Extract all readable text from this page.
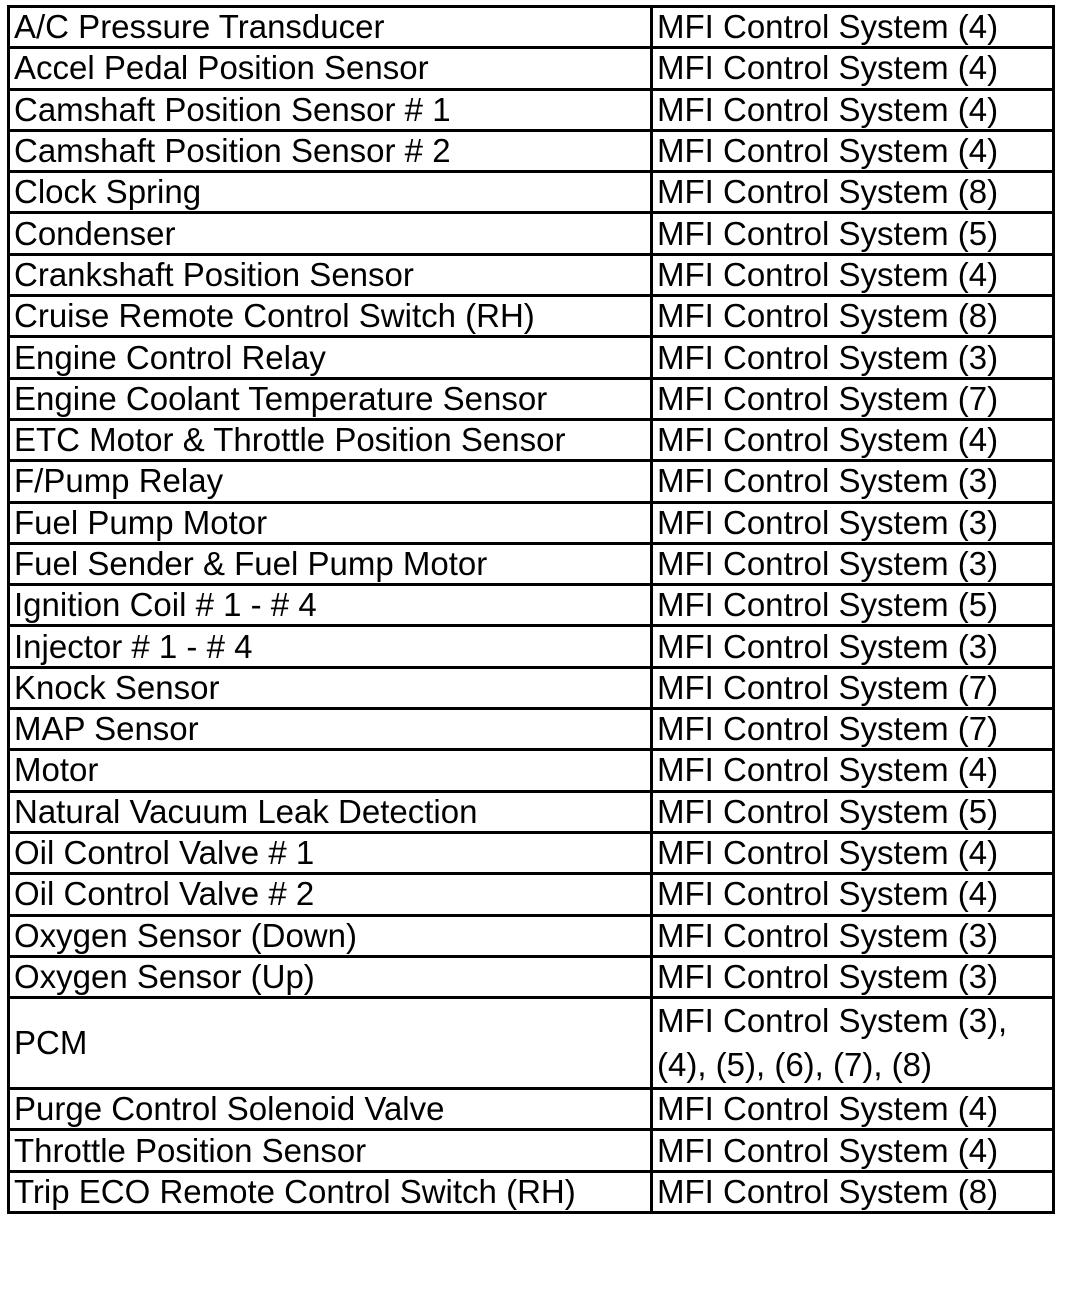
A/C Pressure Transducer	MFI Control System (4)
Accel Pedal Position Sensor	MFI Control System (4)
Camshaft Position Sensor # 1	MFI Control System (4)
Camshaft Position Sensor # 2	MFI Control System (4)
Clock Spring	MFI Control System (8)
Condenser	MFI Control System (5)
Crankshaft Position Sensor	MFI Control System (4)
Cruise Remote Control Switch (RH)	MFI Control System (8)
Engine Control Relay	MFI Control System (3)
Engine Coolant Temperature Sensor	MFI Control System (7)
ETC Motor & Throttle Position Sensor	MFI Control System (4)
F/Pump Relay	MFI Control System (3)
Fuel Pump Motor	MFI Control System (3)
Fuel Sender & Fuel Pump Motor	MFI Control System (3)
Ignition Coil # 1 - # 4	MFI Control System (5)
Injector # 1 - # 4	MFI Control System (3)
Knock Sensor	MFI Control System (7)
MAP Sensor	MFI Control System (7)
Motor	MFI Control System (4)
Natural Vacuum Leak Detection	MFI Control System (5)
Oil Control Valve # 1	MFI Control System (4)
Oil Control Valve # 2	MFI Control System (4)
Oxygen Sensor (Down)	MFI Control System (3)
Oxygen Sensor (Up)	MFI Control System (3)
PCM	MFI Control System (3),
(4), (5), (6), (7), (8)

Purge Control Solenoid Valve	MFI Control System (4)
Throttle Position Sensor	MFI Control System (4)
Trip ECO Remote Control Switch (RH)	MFI Control System (8)
